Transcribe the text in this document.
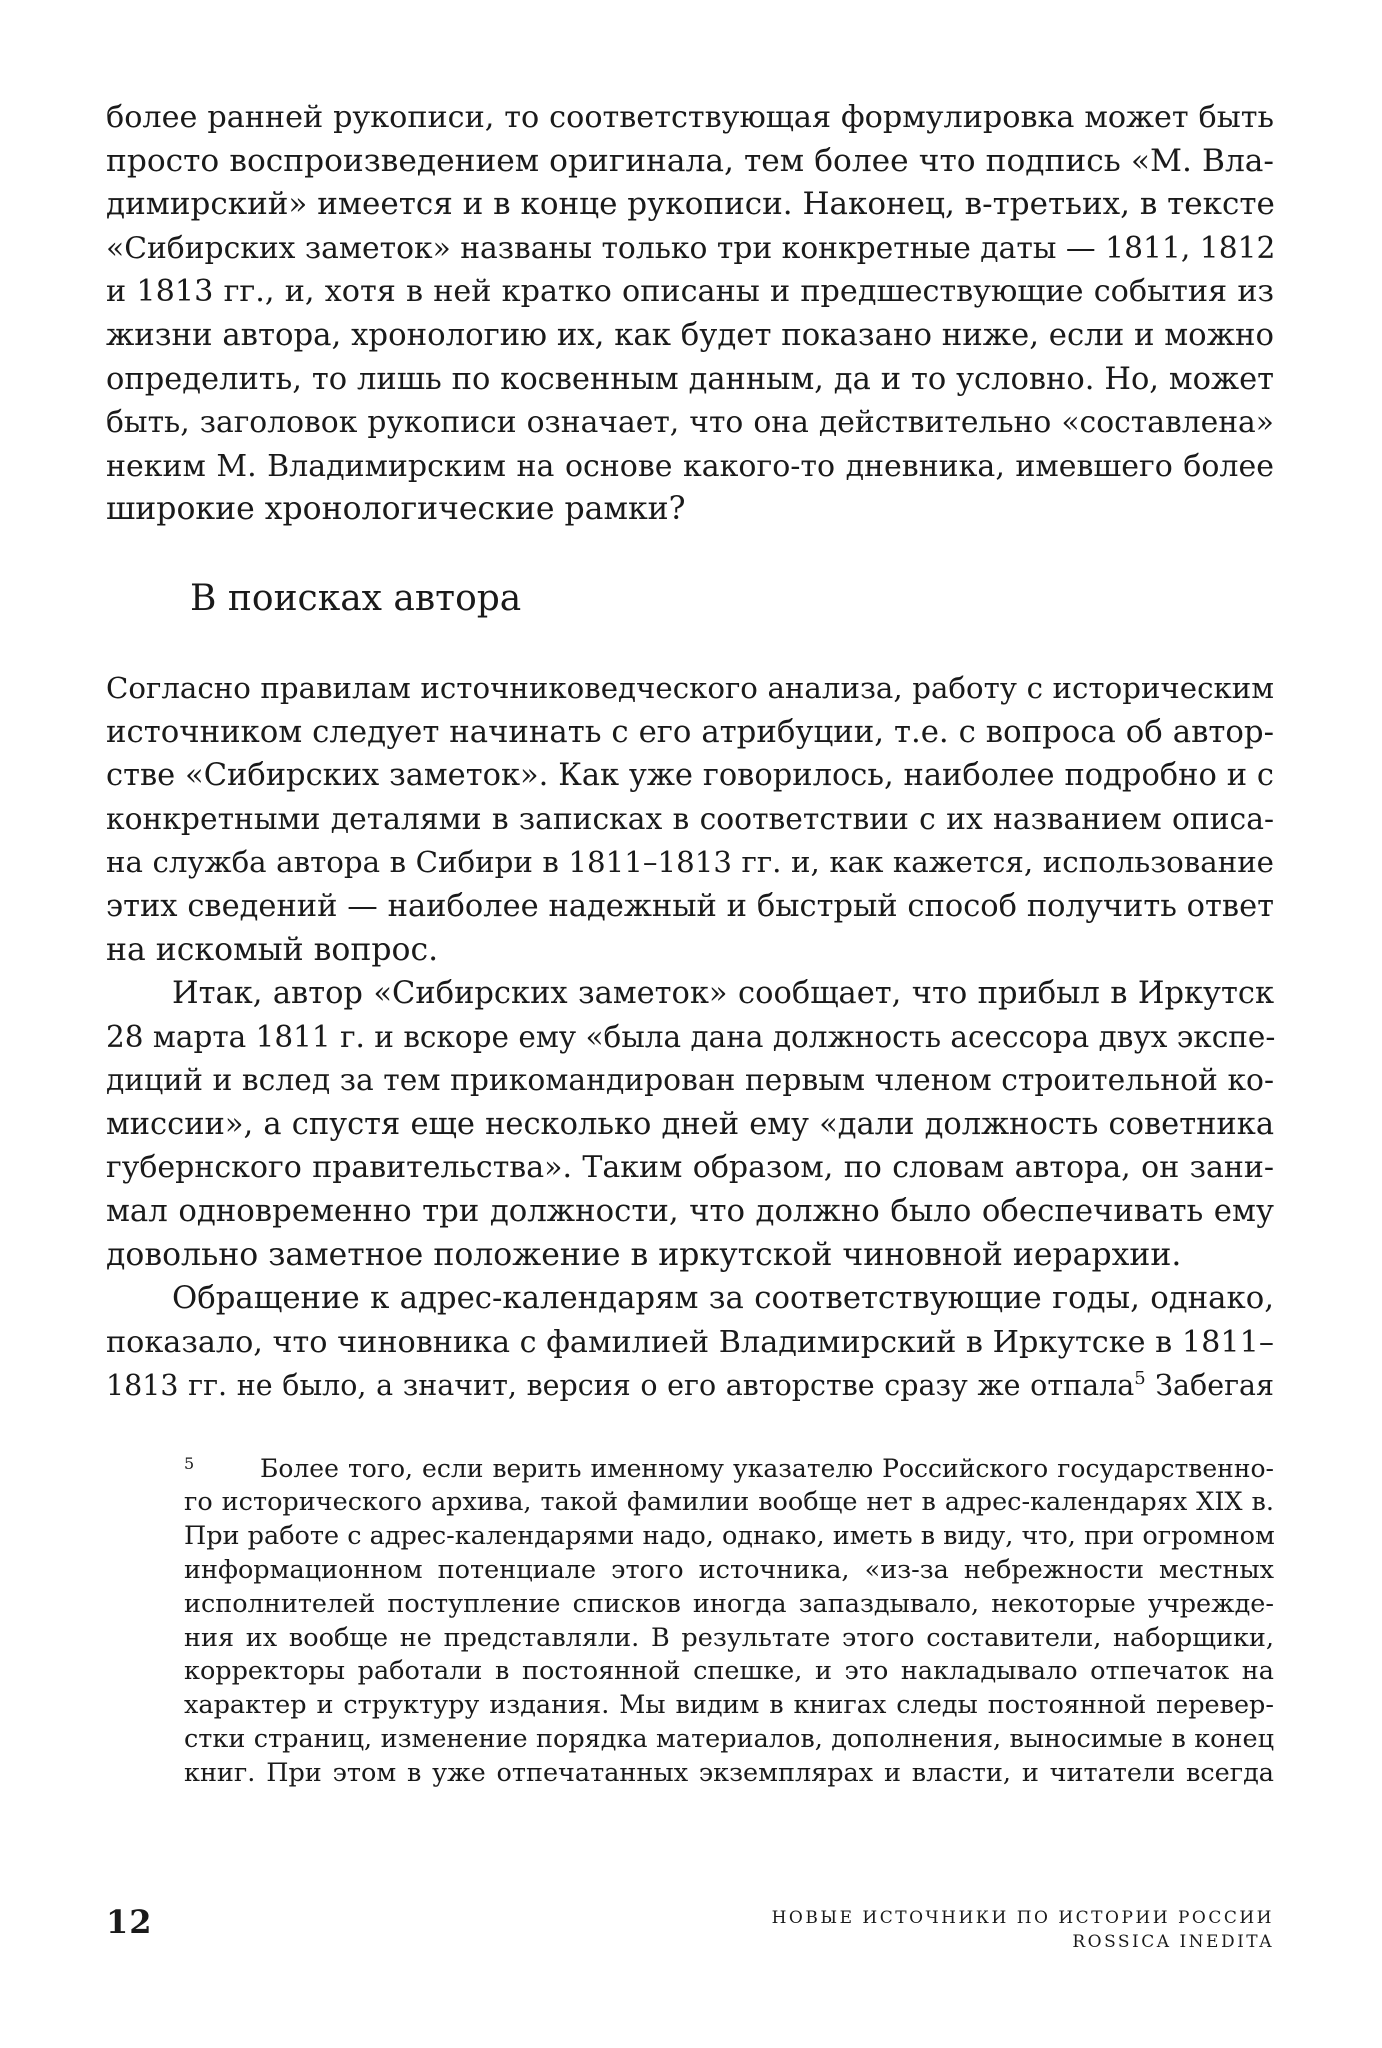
более ранней рукописи, то соответствующая формулировка может быть
просто воспроизведением оригинала, тем более что подпись «М. Вла-
димирский» имеется и в конце рукописи. Наконец, в-третьих, в тексте
«Сибирских заметок» названы только три конкретные даты — 1811, 1812
и 1813 гг., и, хотя в ней кратко описаны и предшествующие события из
жизни автора, хронологию их, как будет показано ниже, если и можно
определить, то лишь по косвенным данным, да и то условно. Но, может
быть, заголовок рукописи означает, что она действительно «составлена»
неким М. Владимирским на основе какого-то дневника, имевшего более
широкие хронологические рамки?
В поисках автора
Согласно правилам источниковедческого анализа, работу с историческим
источником следует начинать с его атрибуции, т.е. с вопроса об автор-
стве «Сибирских заметок». Как уже говорилось, наиболее подробно и с
конкретными деталями в записках в соответствии с их названием описа-
на служба автора в Сибири в 1811–1813 гг. и, как кажется, использование
этих сведений — наиболее надежный и быстрый способ получить ответ
на искомый вопрос.
Итак, автор «Сибирских заметок» сообщает, что прибыл в Иркутск
28 марта 1811 г. и вскоре ему «была дана должность асессора двух экспе-
диций и вслед за тем прикомандирован первым членом строительной ко-
миссии», а спустя еще несколько дней ему «дали должность советника
губернского правительства». Таким образом, по словам автора, он зани-
мал одновременно три должности, что должно было обеспечивать ему
довольно заметное положение в иркутской чиновной иерархии.
Обращение к адрес-календарям за соответствующие годы, однако,
показало, что чиновника с фамилией Владимирский в Иркутске в 1811–
1813 гг. не было, а значит, версия о его авторстве сразу же отпала$^5$ Забегая
5	Более того, если верить именному указателю Российского государственно-
го исторического архива, такой фамилии вообще нет в адрес-календарях XIX в.
При работе с адрес-календарями надо, однако, иметь в виду, что, при огромном
информационном потенциале этого источника, «из-за небрежности местных
исполнителей поступление списков иногда запаздывало, некоторые учрежде-
ния их вообще не представляли. В результате этого составители, наборщики,
корректоры работали в постоянной спешке, и это накладывало отпечаток на
характер и структуру издания. Мы видим в книгах следы постоянной перевер-
стки страниц, изменение порядка материалов, дополнения, выносимые в конец
книг. При этом в уже отпечатанных экземплярах и власти, и читатели всегда
12	НОВЫЕ ИСТОЧНИКИ ПО ИСТОРИИ РОССИИ
ROSSICA INEDITA
